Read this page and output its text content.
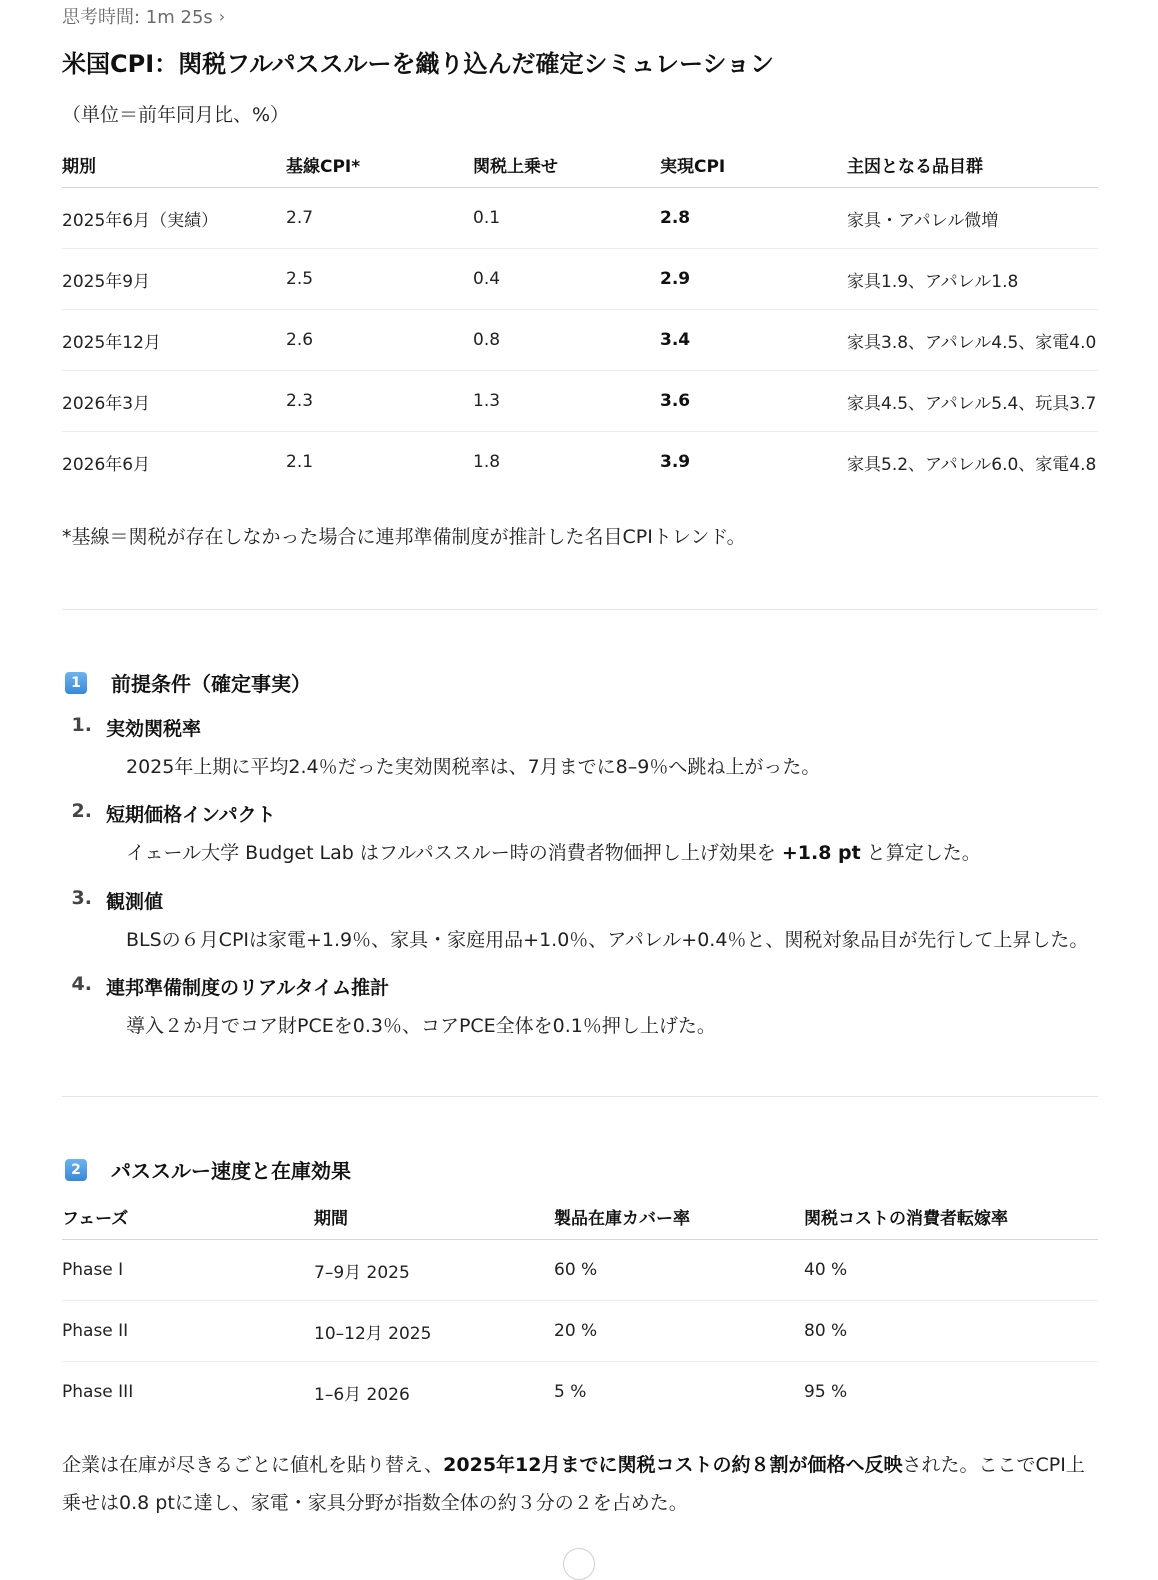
思考時間: 1m 25s ›
米国CPI：関税フルパススルーを織り込んだ確定シミュレーション
（単位＝前年同月比、%）
期別	基線CPI*	関税上乗せ	実現CPI	主因となる品目群
2025年6月（実績）	2.7	0.1	2.8	家具・アパレル微増
2025年9月	2.5	0.4	2.9	家具1.9、アパレル1.8
2025年12月	2.6	0.8	3.4	家具3.8、アパレル4.5、家電4.0
2026年3月	2.3	1.3	3.6	家具4.5、アパレル5.4、玩具3.7
2026年6月	2.1	1.8	3.9	家具5.2、アパレル6.0、家電4.8
*基線＝関税が存在しなかった場合に連邦準備制度が推計した名目CPIトレンド。
1	前提条件（確定事実）
1. 実効関税率
2025年上期に平均2.4％だった実効関税率は、7月までに8–9％へ跳ね上がった。
2. 短期価格インパクト
イェール大学 Budget Lab はフルパススルー時の消費者物価押し上げ効果を +1.8 pt と算定した。
3. 観測値
BLSの６月CPIは家電+1.9％、家具・家庭用品+1.0％、アパレル+0.4％と、関税対象品目が先行して上昇した。
4. 連邦準備制度のリアルタイム推計
導入２か月でコア財PCEを0.3％、コアPCE全体を0.1％押し上げた。
2	パススルー速度と在庫効果
フェーズ	期間	製品在庫カバー率	関税コストの消費者転嫁率
Phase I	7–9月 2025	60 %	40 %
Phase II	10–12月 2025	20 %	80 %
Phase III	1–6月 2026	5 %	95 %
企業は在庫が尽きるごとに値札を貼り替え、2025年12月までに関税コストの約８割が価格へ反映された。ここでCPI上乗せは0.8 ptに達し、家電・家具分野が指数全体の約３分の２を占めた。
